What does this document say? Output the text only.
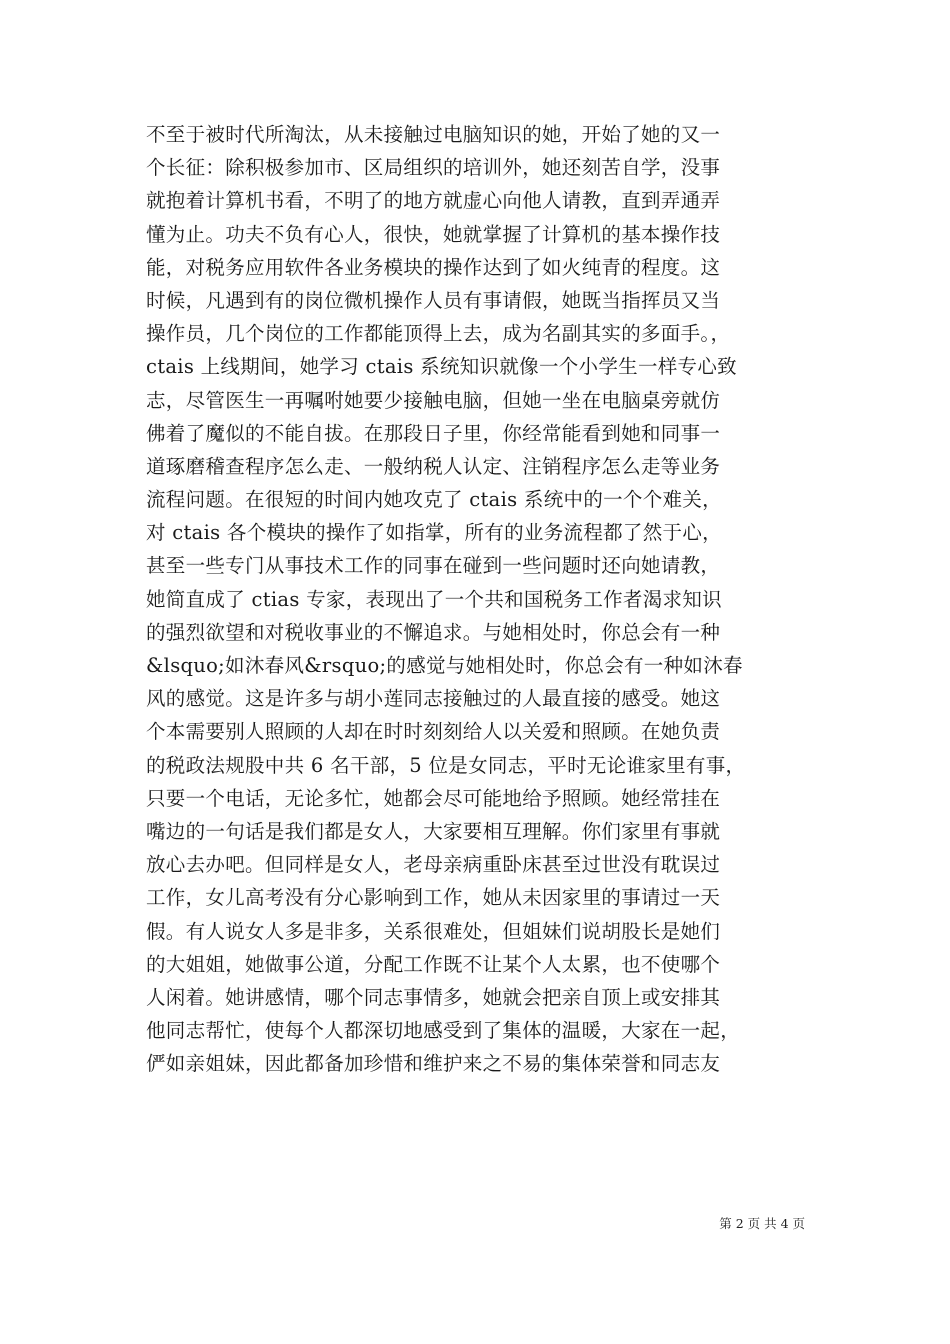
不至于被时代所淘汰，从未接触过电脑知识的她，开始了她的又一
个长征：除积极参加市、区局组织的培训外，她还刻苦自学，没事
就抱着计算机书看，不明了的地方就虚心向他人请教，直到弄通弄
懂为止。功夫不负有心人，很快，她就掌握了计算机的基本操作技
能，对税务应用软件各业务模块的操作达到了如火纯青的程度。这
时候，凡遇到有的岗位微机操作人员有事请假，她既当指挥员又当
操作员，几个岗位的工作都能顶得上去，成为名副其实的多面手。，
ctais 上线期间，她学习 ctais 系统知识就像一个小学生一样专心致
志，尽管医生一再嘱咐她要少接触电脑，但她一坐在电脑桌旁就仿
佛着了魔似的不能自拔。在那段日子里，你经常能看到她和同事一
道琢磨稽查程序怎么走、一般纳税人认定、注销程序怎么走等业务
流程问题。在很短的时间内她攻克了 ctais 系统中的一个个难关，
对 ctais 各个模块的操作了如指掌，所有的业务流程都了然于心，
甚至一些专门从事技术工作的同事在碰到一些问题时还向她请教，
她简直成了 ctias 专家，表现出了一个共和国税务工作者渴求知识
的强烈欲望和对税收事业的不懈追求。与她相处时，你总会有一种
&lsquo;如沐春风&rsquo;的感觉与她相处时，你总会有一种如沐春
风的感觉。这是许多与胡小莲同志接触过的人最直接的感受。她这
个本需要别人照顾的人却在时时刻刻给人以关爱和照顾。在她负责
的税政法规股中共 6 名干部，5 位是女同志，平时无论谁家里有事，
只要一个电话，无论多忙，她都会尽可能地给予照顾。她经常挂在
嘴边的一句话是我们都是女人，大家要相互理解。你们家里有事就
放心去办吧。但同样是女人，老母亲病重卧床甚至过世没有耽误过
工作，女儿高考没有分心影响到工作，她从未因家里的事请过一天
假。有人说女人多是非多，关系很难处，但姐妹们说胡股长是她们
的大姐姐，她做事公道，分配工作既不让某个人太累，也不使哪个
人闲着。她讲感情，哪个同志事情多，她就会把亲自顶上或安排其
他同志帮忙，使每个人都深切地感受到了集体的温暖，大家在一起，
俨如亲姐妹，因此都备加珍惜和维护来之不易的集体荣誉和同志友
第 2 页 共 4 页
